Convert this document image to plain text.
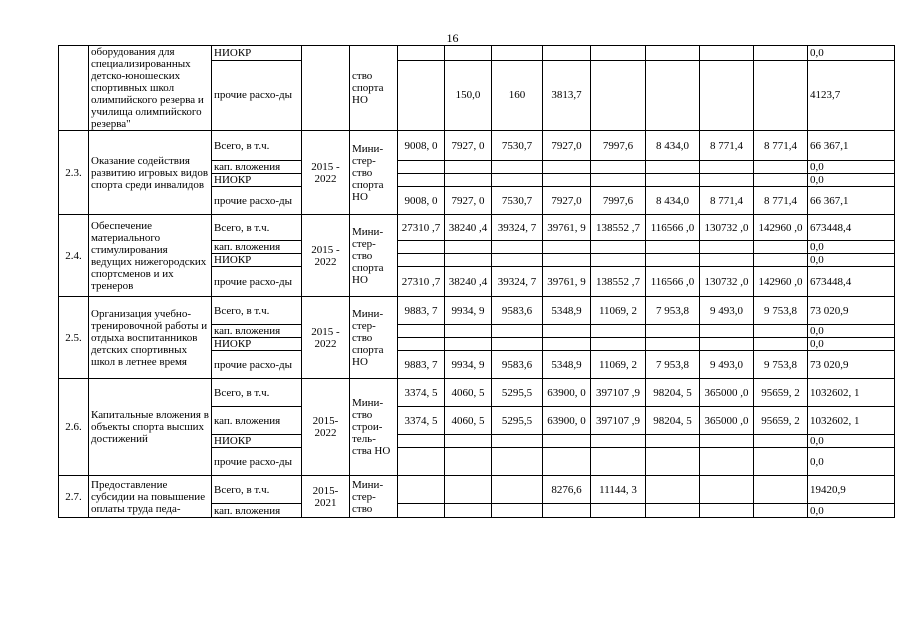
16
	оборудования для специализированных детско-юношеских спортивных школ олимпийского резерва и училища олимпийского резерва"	НИОКР		ство спорта НО									0,0
		прочие расхо-ды				150,0	160	3813,7					4123,7
2.3.	Оказание содействия развитию игровых видов спорта среди инвалидов	Всего, в т.ч.	2015 - 2022	Мини-стер-ство спорта НО	9008, 0	7927, 0	7530,7	7927,0	7997,6	8 434,0	8 771,4	8 771,4	66 367,1
		кап. вложения											0,0
		НИОКР											0,0
		прочие расхо-ды			9008, 0	7927, 0	7530,7	7927,0	7997,6	8 434,0	8 771,4	8 771,4	66 367,1
2.4.	Обеспечение материального стимулирования ведущих нижегородских спортсменов и их тренеров	Всего, в т.ч.	2015 - 2022	Мини-стер-ство спорта НО	27310 ,7	38240 ,4	39324, 7	39761, 9	138552 ,7	116566 ,0	130732 ,0	142960 ,0	673448,4
		кап. вложения											0,0
		НИОКР											0,0
		прочие расхо-ды			27310 ,7	38240 ,4	39324, 7	39761, 9	138552 ,7	116566 ,0	130732 ,0	142960 ,0	673448,4
2.5.	Организация учебно-тренировочной работы и отдыха воспитанников детских спортивных школ в летнее время	Всего, в т.ч.	2015 - 2022	Мини-стер-ство спорта НО	9883, 7	9934, 9	9583,6	5348,9	11069, 2	7 953,8	9 493,0	9 753,8	73 020,9
		кап. вложения											0,0
		НИОКР											0,0
		прочие расхо-ды			9883, 7	9934, 9	9583,6	5348,9	11069, 2	7 953,8	9 493,0	9 753,8	73 020,9
2.6.	Капитальные вложения в объекты спорта высших достижений	Всего, в т.ч.	2015- 2022	Мини-ство строи-тель-ства НО	3374, 5	4060, 5	5295,5	63900, 0	397107 ,9	98204, 5	365000 ,0	95659, 2	1032602, 1
		кап. вложения			3374, 5	4060, 5	5295,5	63900, 0	397107 ,9	98204, 5	365000 ,0	95659, 2	1032602, 1
		НИОКР											0,0
		прочие расхо-ды											0,0
2.7.	Предоставление субсидии на повышение оплаты труда педа-	Всего, в т.ч.	2015- 2021	Мини-стер-ство				8276,6	11144, 3				19420,9
		кап. вложения											0,0
